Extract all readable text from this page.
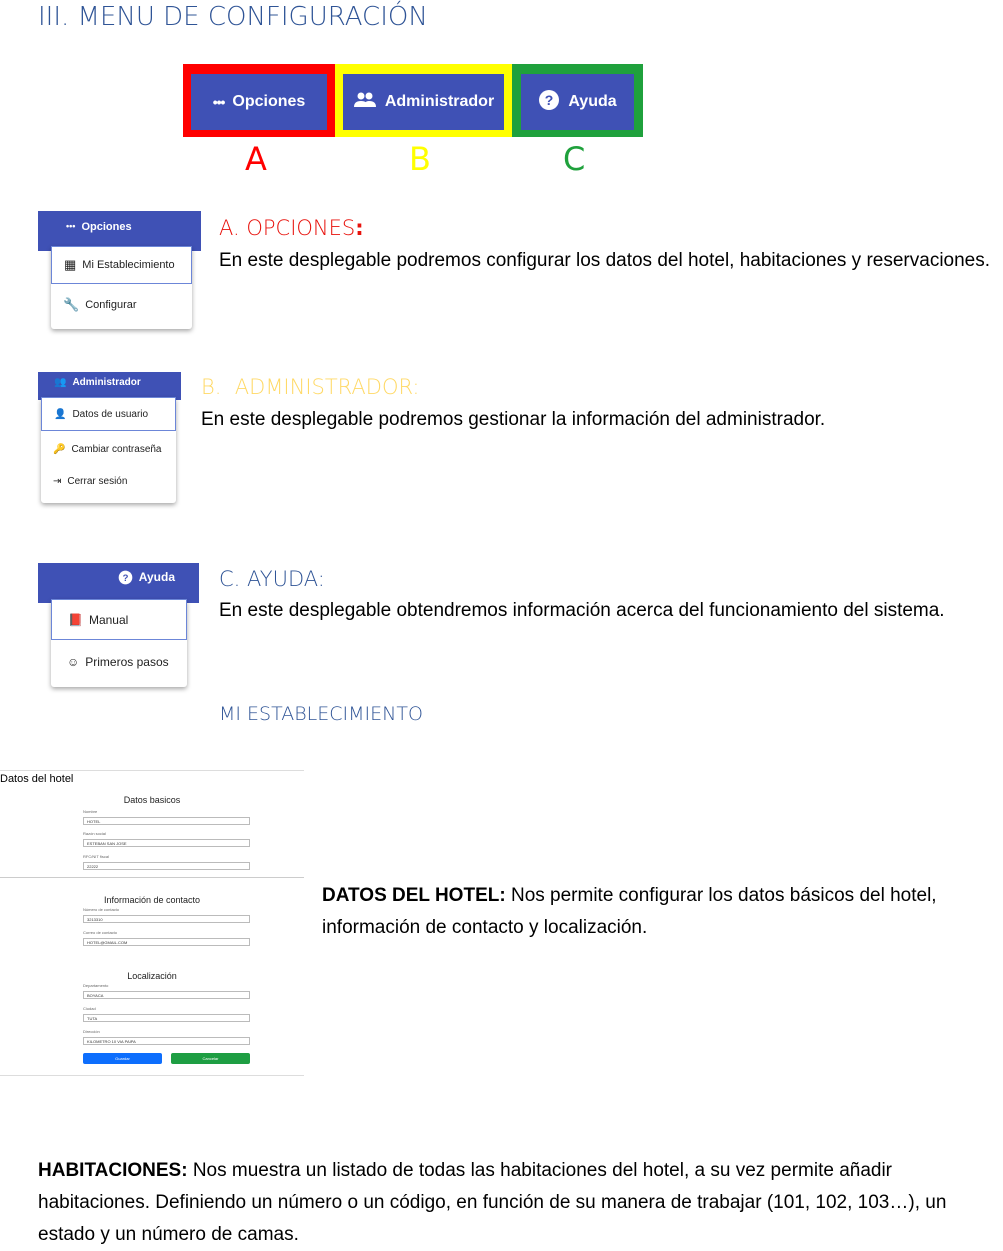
III. MENU DE CONFIGURACIÓN
••• Opciones	Administrador	? Ayuda
A	B	C
••• Opciones
▦ Mi Establecimiento
🔧 Configurar
A. OPCIONES:
En este desplegable podremos configurar los datos del hotel, habitaciones y reservaciones.
👥 Administrador
👤 Datos de usuario
🔑 Cambiar contraseña
⇥ Cerrar sesión
B.  ADMINISTRADOR:
En este desplegable podremos gestionar la información del administrador.
? Ayuda
📕 Manual
☺ Primeros pasos
C. AYUDA:
En este desplegable obtendremos información acerca del funcionamiento del sistema.
MI ESTABLECIMIENTO
Datos del hotel
Datos basicos
Nombre
HOTEL
Razón social
ESTEBAN SAN JOSE
RFC/NIT fiscal
22222
Información de contacto
Número de contacto
3213310
Correo de contacto
HOTEL@GMAIL.COM
Localización
Departamento
BOYACA
Ciudad
TUTA
Dirección
KILOMETRO 10 VIA PAIPA
Guardar	Cancelar
DATOS DEL HOTEL: Nos permite configurar los datos básicos del hotel, información de contacto y localización.
HABITACIONES: Nos muestra un listado de todas las habitaciones del hotel, a su vez permite añadir habitaciones. Definiendo un número o un código, en función de su manera de trabajar (101, 102, 103…), un estado y un número de camas.
